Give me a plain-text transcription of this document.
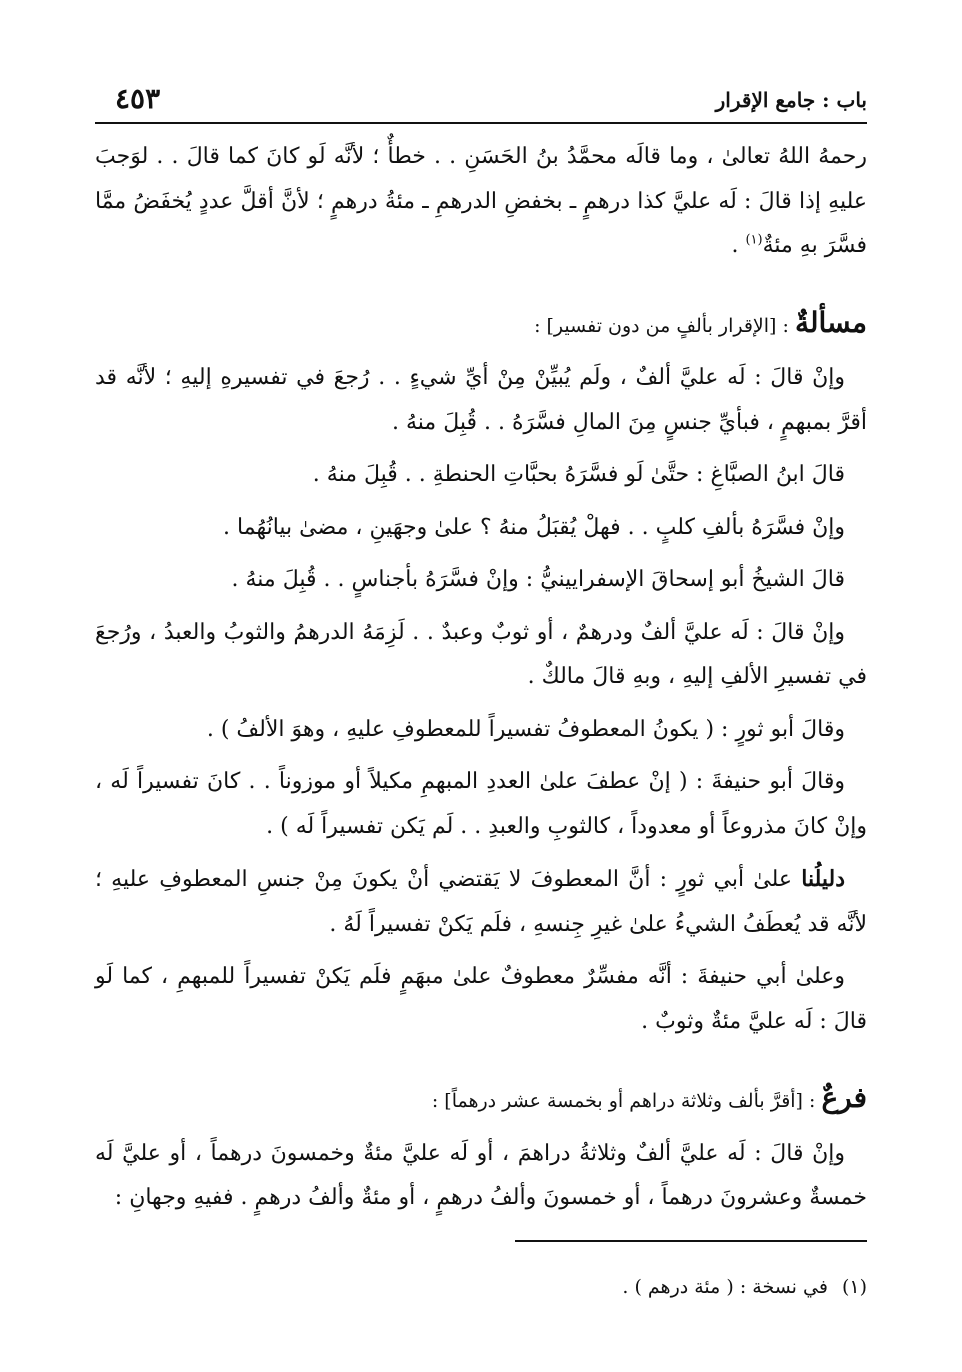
باب : جامع الإقرار
٤٥٣

رحمهُ اللهُ تعالىٰ ، وما قالَه محمَّدُ بنُ الحَسَنِ . . خطأٌ ؛ لأنَّه لَو كانَ كما قالَ . . لوَجبَ عليهِ إذا قالَ : لَه عليَّ كذا درهمٍ ـ بخفضِ الدرهمِ ـ مئةُ درهمٍ ؛ لأنَّ أقلَّ عددٍ يُخفَضُ ممَّا فسَّرَ بهِ مئةٌ$^{(١)}$ .

مسألةٌ : [الإقرار بألفٍ من دون تفسير] :

وإنْ قالَ : لَه عليَّ ألفٌ ، ولَم يُبيِّنْ مِنْ أيِّ شيءٍ . . رُجعَ في تفسيرهِ إليهِ ؛ لأنَّه قد أقرَّ بمبهمٍ ، فبأيِّ جنسٍ مِنَ المالِ فسَّرَهُ . . قُبِلَ منهُ .

قالَ ابنُ الصبَّاغِ : حتَّىٰ لَو فسَّرَهُ بحبَّاتِ الحنطةِ . . قُبِلَ منهُ .

وإنْ فسَّرَهُ بألفِ كلبٍ . . فهلْ يُقبَلُ منهُ ؟ علىٰ وجهَينِ ، مضىٰ بيانُهُما .

قالَ الشيخُ أبو إسحاقَ الإسفرايينيُّ : وإنْ فسَّرَهُ بأجناسٍ . . قُبِلَ منهُ .

وإنْ قالَ : لَه عليَّ ألفٌ ودرهمٌ ، أو ثوبٌ وعبدٌ . . لَزِمَهُ الدرهمُ والثوبُ والعبدُ ، ورُجعَ في تفسيرِ الألفِ إليهِ ، وبهِ قالَ مالكٌ .

وقالَ أبو ثورٍ : ( يكونُ المعطوفُ تفسيراً للمعطوفِ عليهِ ، وهوَ الألفُ ) .

وقالَ أبو حنيفةَ : ( إنْ عطفَ علىٰ العددِ المبهمِ مكيلاً أو موزوناً . . كانَ تفسيراً لَه ، وإنْ كانَ مذروعاً أو معدوداً ، كالثوبِ والعبدِ . . لَم يَكن تفسيراً لَه ) .

دليلُنا علىٰ أبي ثورٍ : أنَّ المعطوفَ لا يَقتضي أنْ يكونَ مِنْ جنسِ المعطوفِ عليهِ ؛ لأنَّه قد يُعطَفُ الشيءُ علىٰ غيرِ جِنسهِ ، فلَم يَكنْ تفسيراً لَهُ .

وعلىٰ أبي حنيفةَ : أنَّه مفسِّرٌ معطوفٌ علىٰ مبهَمٍ فلَم يَكنْ تفسيراً للمبهمِ ، كما لَو قالَ : لَه عليَّ مئةٌ وثوبٌ .

فرعٌ : [أقرَّ بألف وثلاثة دراهم أو بخمسة عشر درهماً] :

وإنْ قالَ : لَه عليَّ ألفٌ وثلاثةُ دراهمَ ، أو لَه عليَّ مئةٌ وخمسونَ درهماً ، أو عليَّ لَه خمسةٌ وعشرونَ درهماً ، أو خمسونَ وألفُ درهمٍ ، أو مئةٌ وألفُ درهمٍ . ففيهِ وجهانِ :

(١)في نسخة : ( مئة درهم ) .
